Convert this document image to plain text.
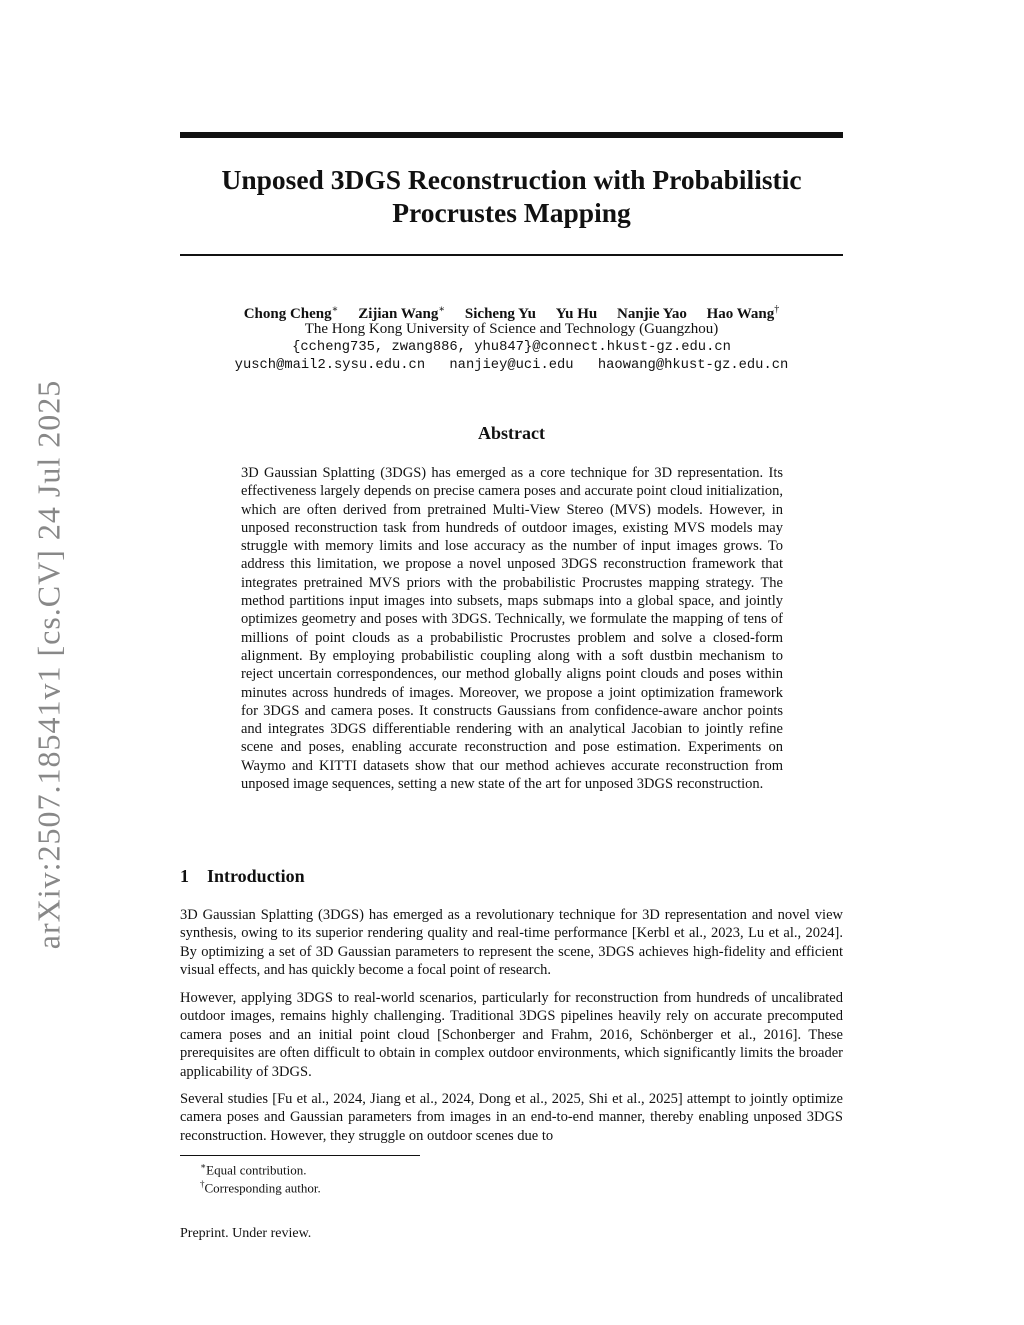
arXiv:2507.18541v1 [cs.CV] 24 Jul 2025
Unposed 3DGS Reconstruction with Probabilistic
Procrustes Mapping
Chong Cheng∗ Zijian Wang∗ Sicheng Yu Yu Hu Nanjie Yao Hao Wang†
The Hong Kong University of Science and Technology (Guangzhou)
{ccheng735, zwang886, yhu847}@connect.hkust-gz.edu.cn
yusch@mail2.sysu.edu.cn nanjiey@uci.edu haowang@hkust-gz.edu.cn
Abstract

3D Gaussian Splatting (3DGS) has emerged as a core technique for 3D representation. Its effectiveness largely depends on precise camera poses and accurate point cloud initialization, which are often derived from pretrained Multi-View Stereo (MVS) models. However, in unposed reconstruction task from hundreds of outdoor images, existing MVS models may struggle with memory limits and lose accuracy as the number of input images grows. To address this limitation, we propose a novel unposed 3DGS reconstruction framework that integrates pretrained MVS priors with the probabilistic Procrustes mapping strategy. The method partitions input images into subsets, maps submaps into a global space, and jointly optimizes geometry and poses with 3DGS. Technically, we formulate the mapping of tens of millions of point clouds as a probabilistic Procrustes problem and solve a closed-form alignment. By employing probabilistic coupling along with a soft dustbin mechanism to reject uncertain correspondences, our method globally aligns point clouds and poses within minutes across hundreds of images. Moreover, we propose a joint optimization framework for 3DGS and camera poses. It constructs Gaussians from confidence-aware anchor points and integrates 3DGS differentiable rendering with an analytical Jacobian to jointly refine scene and poses, enabling accurate reconstruction and pose estimation. Experiments on Waymo and KITTI datasets show that our method achieves accurate reconstruction from unposed image sequences, setting a new state of the art for unposed 3DGS reconstruction.

1 Introduction

3D Gaussian Splatting (3DGS) has emerged as a revolutionary technique for 3D representation and novel view synthesis, owing to its superior rendering quality and real-time performance [Kerbl et al., 2023, Lu et al., 2024]. By optimizing a set of 3D Gaussian parameters to represent the scene, 3DGS achieves high-fidelity and efficient visual effects, and has quickly become a focal point of research.

However, applying 3DGS to real-world scenarios, particularly for reconstruction from hundreds of uncalibrated outdoor images, remains highly challenging. Traditional 3DGS pipelines heavily rely on accurate precomputed camera poses and an initial point cloud [Schonberger and Frahm, 2016, Schönberger et al., 2016]. These prerequisites are often difficult to obtain in complex outdoor environments, which significantly limits the broader applicability of 3DGS.

Several studies [Fu et al., 2024, Jiang et al., 2024, Dong et al., 2025, Shi et al., 2025] attempt to jointly optimize camera poses and Gaussian parameters from images in an end-to-end manner, thereby enabling unposed 3DGS reconstruction. However, they struggle on outdoor scenes due to

∗Equal contribution.

†Corresponding author.

Preprint. Under review.
